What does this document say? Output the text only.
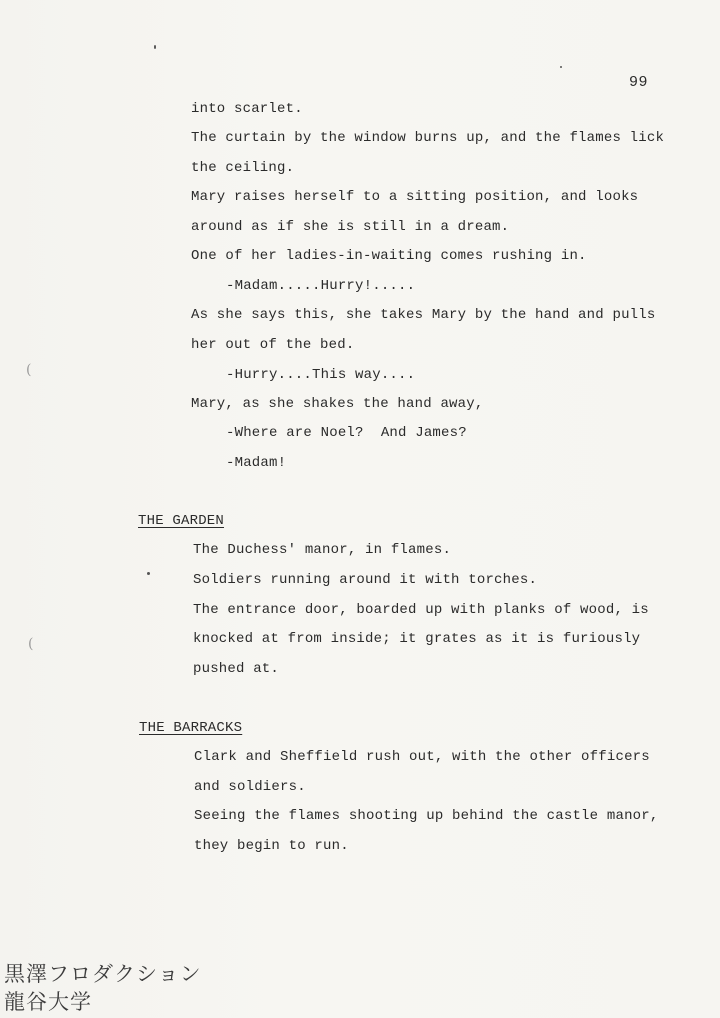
99
(
(
into scarlet.
The curtain by the window burns up, and the flames lick
the ceiling.
Mary raises herself to a sitting position, and looks
around as if she is still in a dream.
One of her ladies-in-waiting comes rushing in.
-Madam.....Hurry!.....
As she says this, she takes Mary by the hand and pulls
her out of the bed.
-Hurry....This way....
Mary, as she shakes the hand away,
-Where are Noel?  And James?
-Madam!
THE GARDEN
The Duchess' manor, in flames.
Soldiers running around it with torches.
The entrance door, boarded up with planks of wood, is
knocked at from inside; it grates as it is furiously
pushed at.
THE BARRACKS
Clark and Sheffield rush out, with the other officers
and soldiers.
Seeing the flames shooting up behind the castle manor,
they begin to run.
黒澤フロダクション
龍谷大学
